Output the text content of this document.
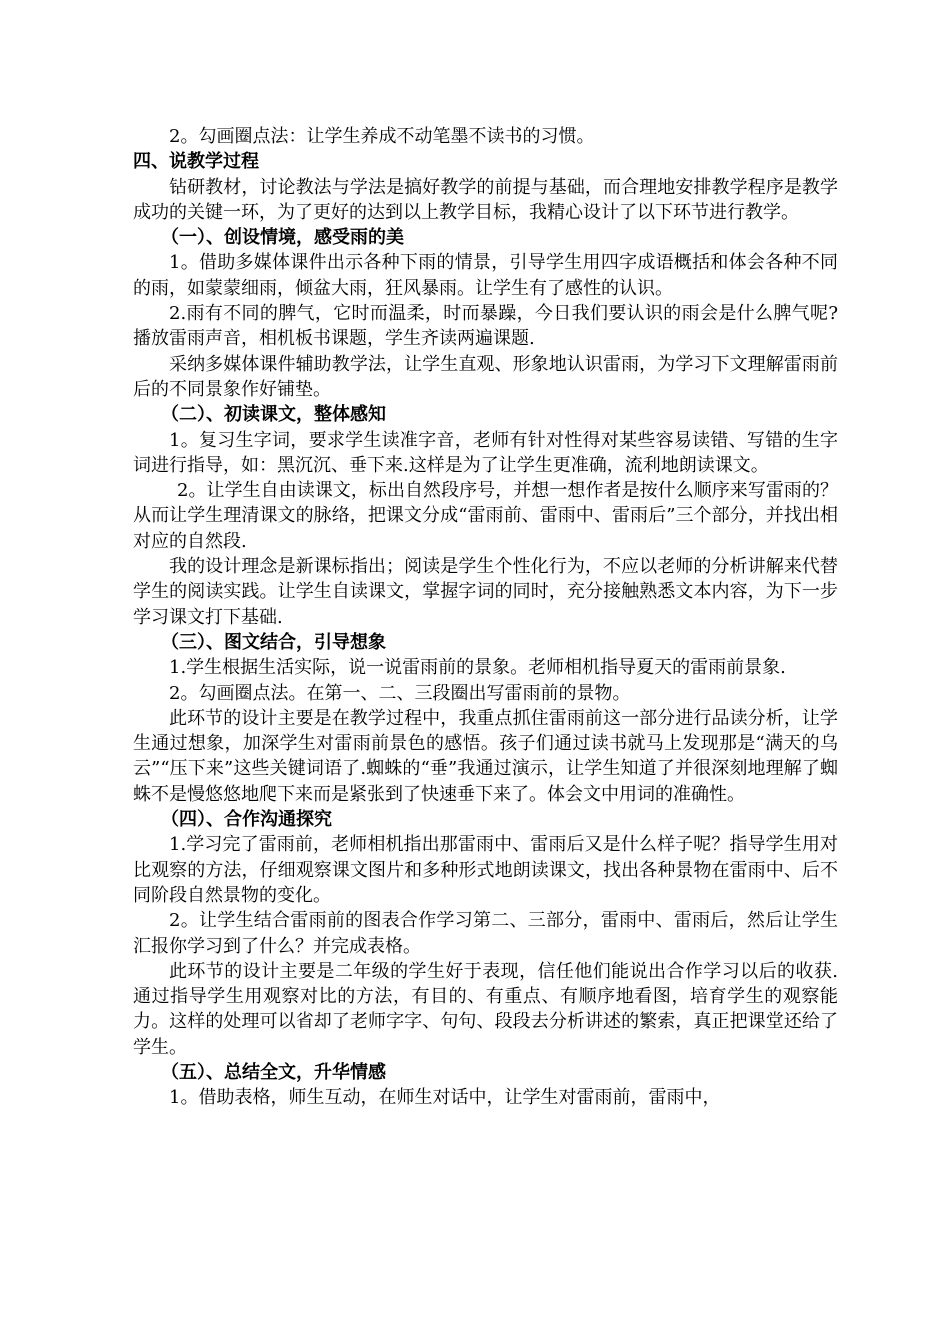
2。勾画圈点法：让学生养成不动笔墨不读书的习惯。

四、说教学过程

钻研教材，讨论教法与学法是搞好教学的前提与基础，而合理地安排教学程序是教学成功的关键一环，为了更好的达到以上教学目标，我精心设计了以下环节进行教学。

（一）、创设情境，感受雨的美

1。借助多媒体课件出示各种下雨的情景，引导学生用四字成语概括和体会各种不同的雨，如蒙蒙细雨，倾盆大雨，狂风暴雨。让学生有了感性的认识。

2.雨有不同的脾气，它时而温柔，时而暴躁，今日我们要认识的雨会是什么脾气呢?播放雷雨声音，相机板书课题，学生齐读两遍课题.

采纳多媒体课件辅助教学法，让学生直观、形象地认识雷雨，为学习下文理解雷雨前后的不同景象作好铺垫。

（二）、初读课文，整体感知

1。复习生字词，要求学生读准字音，老师有针对性得对某些容易读错、写错的生字词进行指导，如：黑沉沉、垂下来.这样是为了让学生更准确，流利地朗读课文。

2。让学生自由读课文，标出自然段序号，并想一想作者是按什么顺序来写雷雨的？从而让学生理清课文的脉络，把课文分成“雷雨前、雷雨中、雷雨后”三个部分，并找出相对应的自然段.

我的设计理念是新课标指出；阅读是学生个性化行为，不应以老师的分析讲解来代替学生的阅读实践。让学生自读课文，掌握字词的同时，充分接触熟悉文本内容，为下一步学习课文打下基础.

（三）、图文结合，引导想象

1.学生根据生活实际，说一说雷雨前的景象。老师相机指导夏天的雷雨前景象.

2。勾画圈点法。在第一、二、三段圈出写雷雨前的景物。

此环节的设计主要是在教学过程中，我重点抓住雷雨前这一部分进行品读分析，让学生通过想象，加深学生对雷雨前景色的感悟。孩子们通过读书就马上发现那是“满天的乌云”“压下来”这些关键词语了.蜘蛛的“垂”我通过演示，让学生知道了并很深刻地理解了蜘蛛不是慢悠悠地爬下来而是紧张到了快速垂下来了。体会文中用词的准确性。

（四）、合作沟通探究

1.学习完了雷雨前，老师相机指出那雷雨中、雷雨后又是什么样子呢？指导学生用对比观察的方法，仔细观察课文图片和多种形式地朗读课文，找出各种景物在雷雨中、后不同阶段自然景物的变化。

2。让学生结合雷雨前的图表合作学习第二、三部分，雷雨中、雷雨后，然后让学生汇报你学习到了什么？并完成表格。

此环节的设计主要是二年级的学生好于表现，信任他们能说出合作学习以后的收获.通过指导学生用观察对比的方法，有目的、有重点、有顺序地看图，培育学生的观察能力。这样的处理可以省却了老师字字、句句、段段去分析讲述的繁索，真正把课堂还给了学生。

（五）、总结全文，升华情感

1。借助表格，师生互动，在师生对话中，让学生对雷雨前，雷雨中，
